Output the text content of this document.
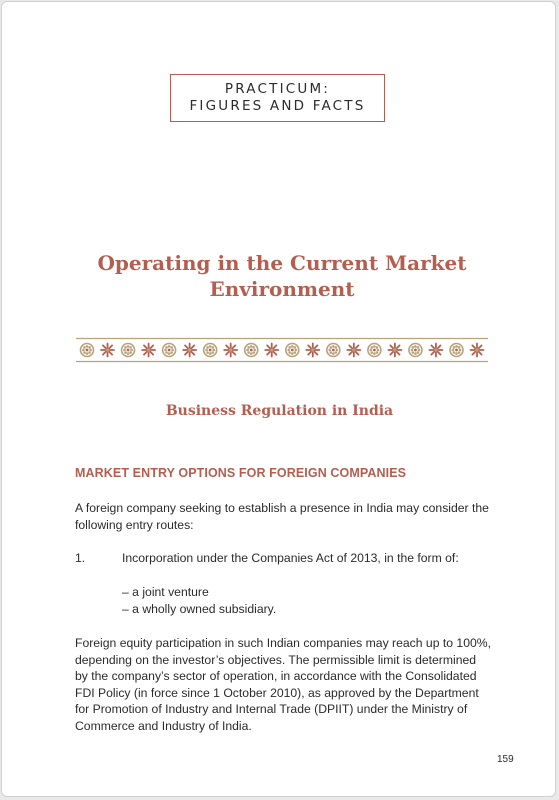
PRACTICUM:
FIGURES AND FACTS
Operating in the Current Market
Environment
Business Regulation in India
MARKET ENTRY OPTIONS FOR FOREIGN COMPANIES
A foreign company seeking to establish a presence in India may consider the
following entry routes:
1.	Incorporation under the Companies Act of 2013, in the form of:
– a joint venture
– a wholly owned subsidiary.
Foreign equity participation in such Indian companies may reach up to 100%,
depending on the investor’s objectives. The permissible limit is determined
by the company’s sector of operation, in accordance with the Consolidated
FDI Policy (in force since 1 October 2010), as approved by the Department
for Promotion of Industry and Internal Trade (DPIIT) under the Ministry of
Commerce and Industry of India.
159
